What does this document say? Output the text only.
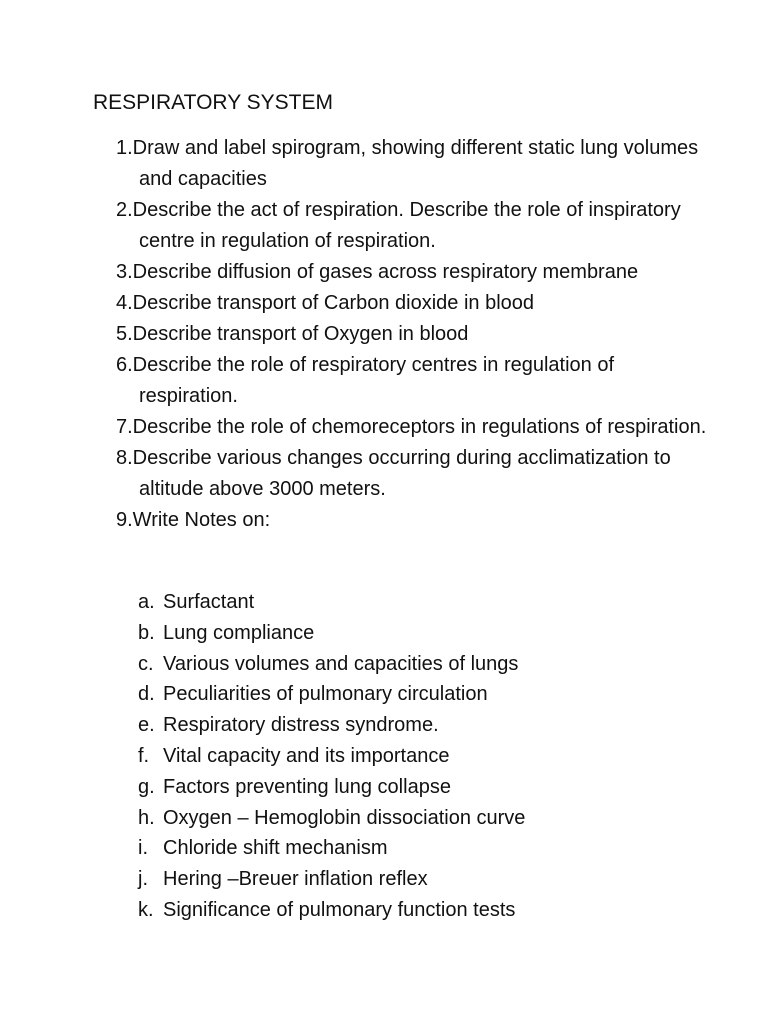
RESPIRATORY SYSTEM
1.Draw and label spirogram, showing different static lung volumes and capacities
2.Describe the act of respiration. Describe the role of inspiratory centre in regulation of respiration.
3.Describe diffusion of gases across respiratory membrane
4.Describe transport of Carbon dioxide in blood
5.Describe transport of Oxygen in blood
6.Describe the role of respiratory centres in regulation of respiration.
7.Describe the role of chemoreceptors in regulations of respiration.
8.Describe various changes occurring during acclimatization to altitude above 3000 meters.
9.Write Notes on:
a. Surfactant
b. Lung compliance
c. Various volumes and capacities of lungs
d. Peculiarities of pulmonary circulation
e. Respiratory distress syndrome.
f. Vital capacity and its importance
g. Factors preventing lung collapse
h. Oxygen – Hemoglobin dissociation curve
i. Chloride shift mechanism
j. Hering –Breuer inflation reflex
k. Significance of pulmonary function tests
